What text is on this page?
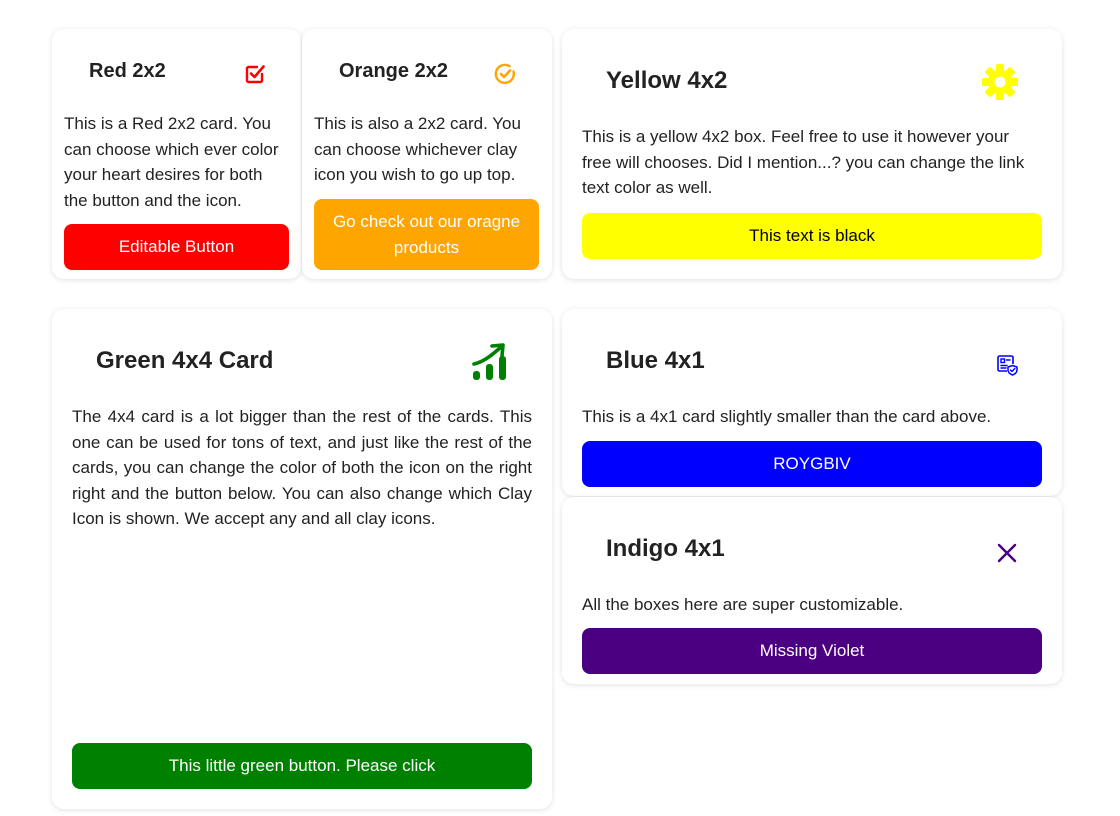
Red 2x2

This is a Red 2x2 card. You can choose which ever color your heart desires for both the button and the icon.

Editable Button
Orange 2x2

This is also a 2x2 card. You can choose whichever clay icon you wish to go up top.

Go check out our oragne products
Yellow 4x2

This is a yellow 4x2 box. Feel free to use it however your free will chooses. Did I mention...? you can change the link text color as well.

This text is black
Green 4x4 Card

The 4x4 card is a lot bigger than the rest of the cards. This one can be used for tons of text, and just like the rest of the cards, you can change the color of both the icon on the right right and the button below. You can also change which Clay Icon is shown. We accept any and all clay icons.

This little green button. Please click
Blue 4x1

This is a 4x1 card slightly smaller than the card above.

ROYGBIV
Indigo 4x1

All the boxes here are super customizable.

Missing Violet
